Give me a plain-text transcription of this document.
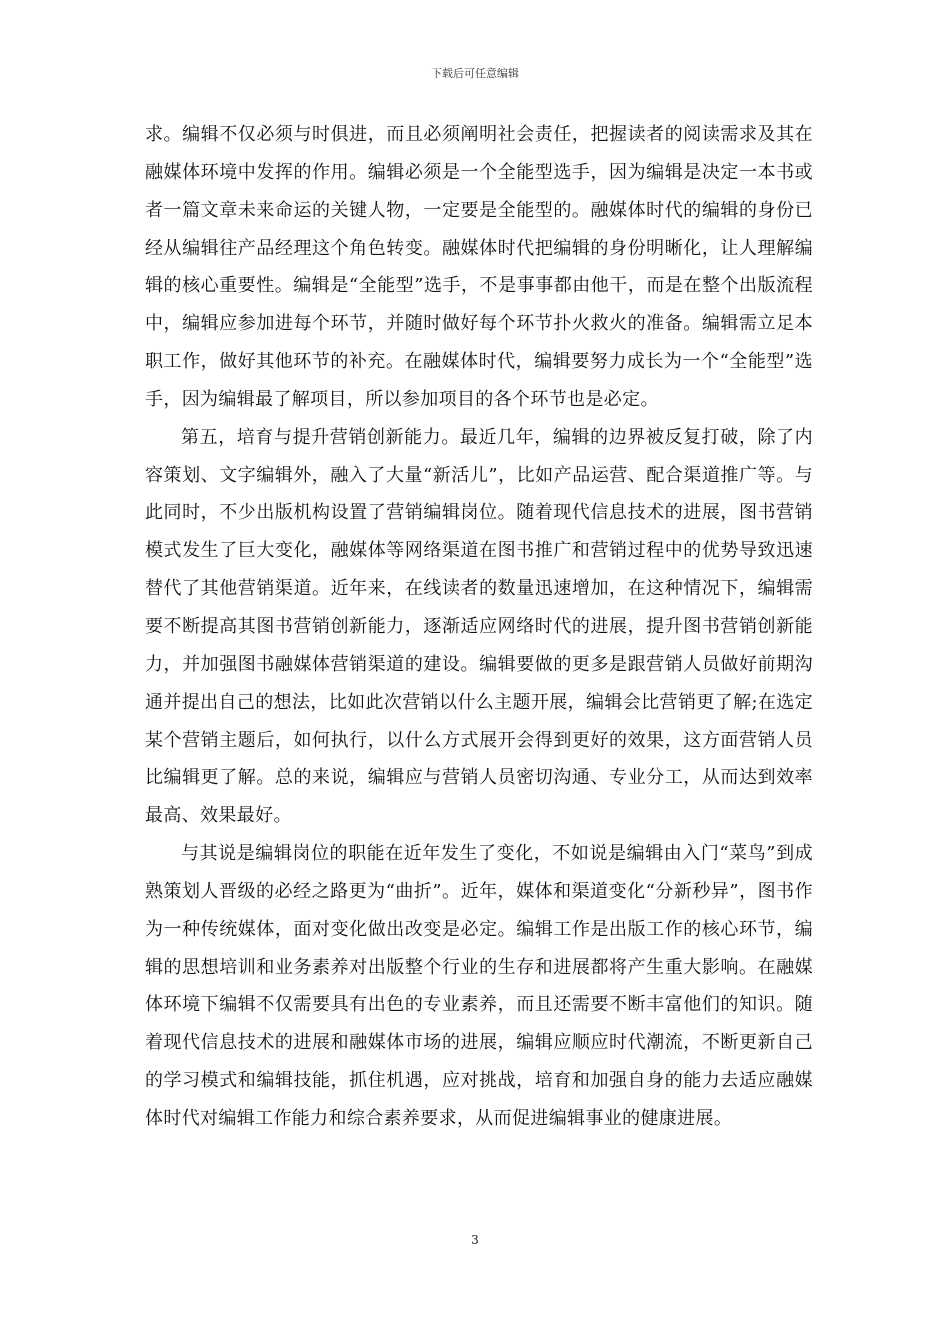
下载后可任意编辑

求。编辑不仅必须与时俱进，而且必须阐明社会责任，把握读者的阅读需求及其在融媒体环境中发挥的作用。编辑必须是一个全能型选手，因为编辑是决定一本书或者一篇文章未来命运的关键人物，一定要是全能型的。融媒体时代的编辑的身份已经从编辑往产品经理这个角色转变。融媒体时代把编辑的身份明晰化，让人理解编辑的核心重要性。编辑是“全能型”选手，不是事事都由他干，而是在整个出版流程中，编辑应参加进每个环节，并随时做好每个环节扑火救火的准备。编辑需立足本职工作，做好其他环节的补充。在融媒体时代，编辑要努力成长为一个“全能型”选手，因为编辑最了解项目，所以参加项目的各个环节也是必定。

第五，培育与提升营销创新能力。最近几年，编辑的边界被反复打破，除了内容策划、文字编辑外，融入了大量“新活儿”，比如产品运营、配合渠道推广等。与此同时，不少出版机构设置了营销编辑岗位。随着现代信息技术的进展，图书营销模式发生了巨大变化，融媒体等网络渠道在图书推广和营销过程中的优势导致迅速替代了其他营销渠道。近年来，在线读者的数量迅速增加，在这种情况下，编辑需要不断提高其图书营销创新能力，逐渐适应网络时代的进展，提升图书营销创新能力，并加强图书融媒体营销渠道的建设。编辑要做的更多是跟营销人员做好前期沟通并提出自己的想法，比如此次营销以什么主题开展，编辑会比营销更了解;在选定某个营销主题后，如何执行，以什么方式展开会得到更好的效果，这方面营销人员比编辑更了解。总的来说，编辑应与营销人员密切沟通、专业分工，从而达到效率最高、效果最好。

与其说是编辑岗位的职能在近年发生了变化，不如说是编辑由入门“菜鸟”到成熟策划人晋级的必经之路更为“曲折”。近年，媒体和渠道变化“分新秒异”，图书作为一种传统媒体，面对变化做出改变是必定。编辑工作是出版工作的核心环节，编辑的思想培训和业务素养对出版整个行业的生存和进展都将产生重大影响。在融媒体环境下编辑不仅需要具有出色的专业素养，而且还需要不断丰富他们的知识。随着现代信息技术的进展和融媒体市场的进展，编辑应顺应时代潮流，不断更新自己的学习模式和编辑技能，抓住机遇，应对挑战，培育和加强自身的能力去适应融媒体时代对编辑工作能力和综合素养要求，从而促进编辑事业的健康进展。

3
